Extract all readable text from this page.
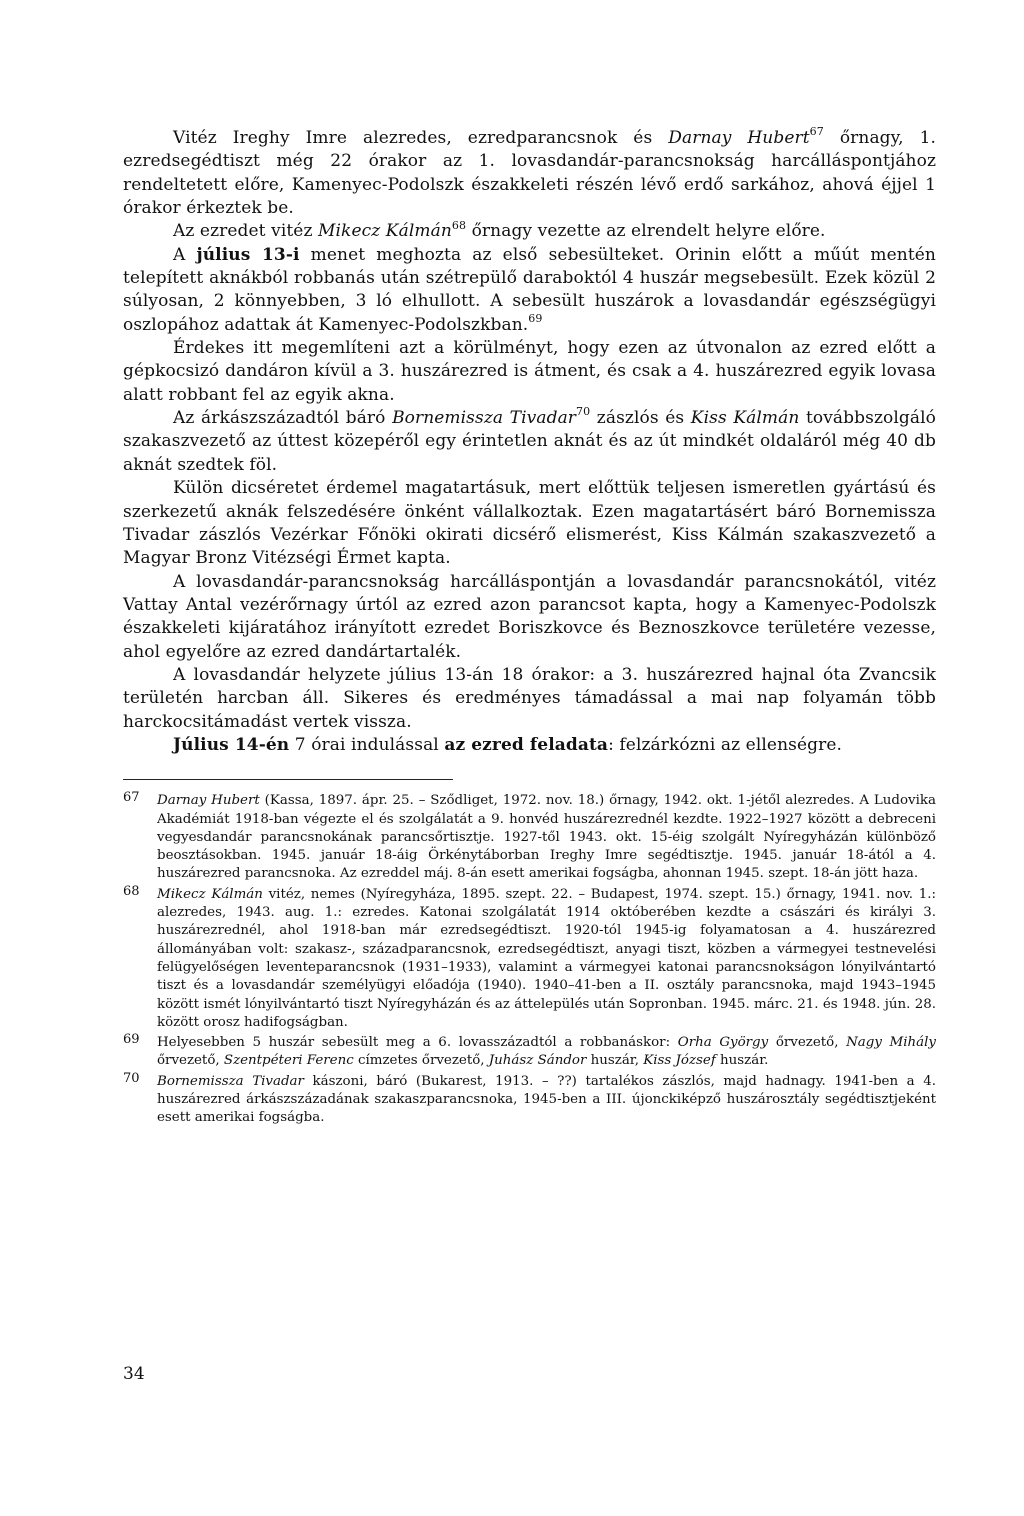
Vitéz Ireghy Imre alezredes, ezredparancsnok és Darnay Hubert$^{67}$ őrnagy, 1. ezredsegédtiszt még 22 órakor az 1. lovasdandár-parancsnokság harcálláspontjához rendeltetett előre, Kamenyec-Podolszk északkeleti részén lévő erdő sarkához, ahová éjjel 1 órakor érkeztek be.

Az ezredet vitéz Mikecz Kálmán$^{68}$ őrnagy vezette az elrendelt helyre előre.

A július 13-i menet meghozta az első sebesülteket. Orinin előtt a műút mentén telepített aknákból robbanás után szétrepülő daraboktól 4 huszár megsebesült. Ezek közül 2 súlyosan, 2 könnyebben, 3 ló elhullott. A sebesült huszárok a lovasdandár egészségügyi oszlopához adattak át Kamenyec-Podolszkban.$^{69}$

Érdekes itt megemlíteni azt a körülményt, hogy ezen az útvonalon az ezred előtt a gépkocsizó dandáron kívül a 3. huszárezred is átment, és csak a 4. huszárezred egyik lovasa alatt robbant fel az egyik akna.

Az árkászszázadtól báró Bornemissza Tivadar$^{70}$ zászlós és Kiss Kálmán továbbszolgáló szakaszvezető az úttest közepéről egy érintetlen aknát és az út mindkét oldaláról még 40 db aknát szedtek föl.

Külön dicséretet érdemel magatartásuk, mert előttük teljesen ismeretlen gyártású és szerkezetű aknák felszedésére önként vállalkoztak. Ezen magatartásért báró Bornemissza Tivadar zászlós Vezérkar Főnöki okirati dicsérő elismerést, Kiss Kálmán szakaszvezető a Magyar Bronz Vitézségi Érmet kapta.

A lovasdandár-parancsnokság harcálláspontján a lovasdandár parancsnokától, vitéz Vattay Antal vezérőrnagy úrtól az ezred azon parancsot kapta, hogy a Kamenyec-Podolszk északkeleti kijáratához irányított ezredet Boriszkovce és Beznoszkovce területére vezesse, ahol egyelőre az ezred dandártartalék.

A lovasdandár helyzete július 13-án 18 órakor: a 3. huszárezred hajnal óta Zvancsik területén harcban áll. Sikeres és eredményes támadással a mai nap folyamán több harckocsitámadást vertek vissza.

Július 14-én 7 órai indulással az ezred feladata: felzárkózni az ellenségre.

67	Darnay Hubert (Kassa, 1897. ápr. 25. – Sződliget, 1972. nov. 18.) őrnagy, 1942. okt. 1-jétől alezredes. A Ludovika Akadémiát 1918-ban végezte el és szolgálatát a 9. honvéd huszárezrednél kezdte. 1922–1927 között a debreceni vegyesdandár parancsnokának parancsőrtisztje. 1927-től 1943. okt. 15-éig szolgált Nyíregyházán különböző beosztásokban. 1945. január 18-áig Örkénytáborban Ireghy Imre segédtisztje. 1945. január 18-ától a 4. huszárezred parancsnoka. Az ezreddel máj. 8-án esett amerikai fogságba, ahonnan 1945. szept. 18-án jött haza.
68	Mikecz Kálmán vitéz, nemes (Nyíregyháza, 1895. szept. 22. – Budapest, 1974. szept. 15.) őrnagy, 1941. nov. 1.: alezredes, 1943. aug. 1.: ezredes. Katonai szolgálatát 1914 októberében kezdte a császári és királyi 3. huszárezrednél, ahol 1918-ban már ezredsegédtiszt. 1920-tól 1945-ig folyamatosan a 4. huszárezred állományában volt: szakasz-, századparancsnok, ezredsegédtiszt, anyagi tiszt, közben a vármegyei testnevelési felügyelőségen leventeparancsnok (1931–1933), valamint a vármegyei katonai parancsnokságon lónyilvántartó tiszt és a lovasdandár személyügyi előadója (1940). 1940–41-ben a II. osztály parancsnoka, majd 1943–1945 között ismét lónyilvántartó tiszt Nyíregyházán és az áttelepülés után Sopronban. 1945. márc. 21. és 1948. jún. 28. között orosz hadifogságban.
69	Helyesebben 5 huszár sebesült meg a 6. lovasszázadtól a robbanáskor: Orha György őrvezető, Nagy Mihály őrvezető, Szentpéteri Ferenc címzetes őrvezető, Juhász Sándor huszár, Kiss József huszár.
70	Bornemissza Tivadar kászoni, báró (Bukarest, 1913. – ??) tartalékos zászlós, majd hadnagy. 1941-ben a 4. huszárezred árkászszázadának szakaszparancsnoka, 1945-ben a III. újonckiképző huszárosztály segédtisztjeként esett amerikai fogságba.
34
